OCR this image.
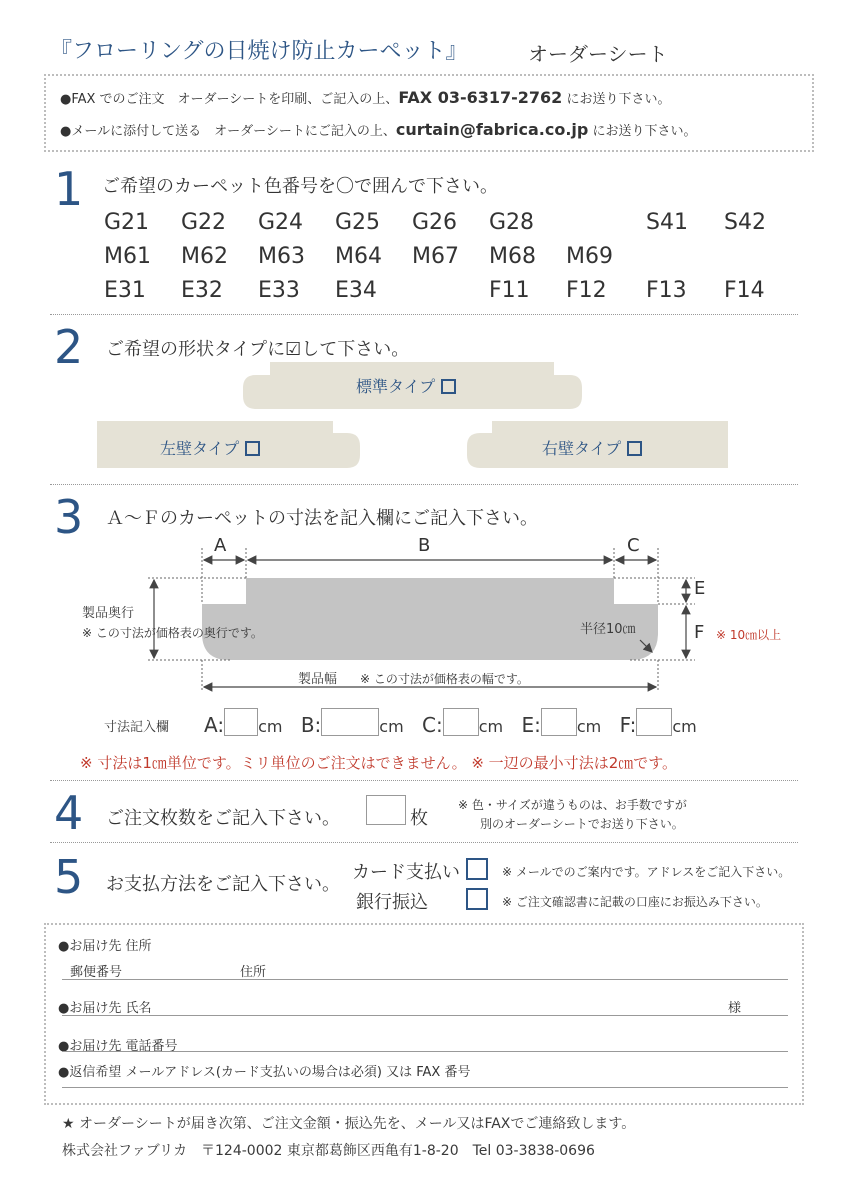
『フローリングの日焼け防止カーペット』	オーダーシート
●FAX でのご注文　オーダーシートを印刷、ご記入の上、FAX 03-6317-2762 にお送り下さい。
●メールに添付して送る　オーダーシートにご記入の上、curtain@fabrica.co.jp にお送り下さい。
1 ご希望のカーペット色番号を〇で囲んで下さい。
G21 G22 G24 G25 G26 G28	S41 S42
M61 M62 M63 M64 M67 M68 M69
E31 E32 E33 E34	F11 F12 F13 F14
2 ご希望の形状タイプに☑して下さい。
標準タイプ
左壁タイプ	右壁タイプ
3 Ａ～Ｆのカーペットの寸法を記入欄にご記入下さい。
A	B	C
E
F ※ 10㎝以上
製品奥行
※ この寸法が価格表の奥行です。	半径10㎝
製品幅 ※ この寸法が価格表の幅です。
寸法記入欄 A: cm B:	cm C: cm E: cm F: cm
※ 寸法は1㎝単位です。ミリ単位のご注文はできません。 ※ 一辺の最小寸法は2㎝です。
4 ご注文枚数をご記入下さい。	枚
※ 色・サイズが違うものは、お手数ですが
別のオーダーシートでお送り下さい。
5 お支払方法をご記入下さい。
カード支払い	※ メールでのご案内です。アドレスをご記入下さい。
銀行振込	※ ご注文確認書に記載の口座にお振込み下さい。
●お届け先 住所
郵便番号	住所
●お届け先 氏名	様
●お届け先 電話番号
●返信希望 メールアドレス(カード支払いの場合は必須) 又は FAX 番号
★ オーダーシートが届き次第、ご注文金額・振込先を、メール又はFAXでご連絡致します。
株式会社ファブリカ　〒124-0002 東京都葛飾区西亀有1-8-20　Tel 03-3838-0696
